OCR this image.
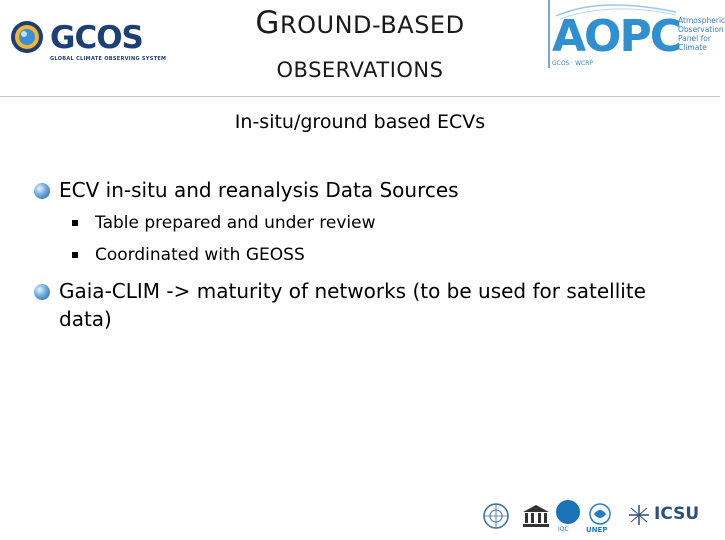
GCOS
GLOBAL CLIMATE OBSERVING SYSTEM
GROUND-BASED
OBSERVATIONS
AOPC
Atmospheric
Observation
Panel for
Climate
GCOS · WCRP
In-situ/ground based ECVs
ECV in-situ and reanalysis Data Sources
Table prepared and under review
Coordinated with GEOSS
Gaia-CLIM -> maturity of networks (to be used for satellite data)
IOC UNEP
ICSU
